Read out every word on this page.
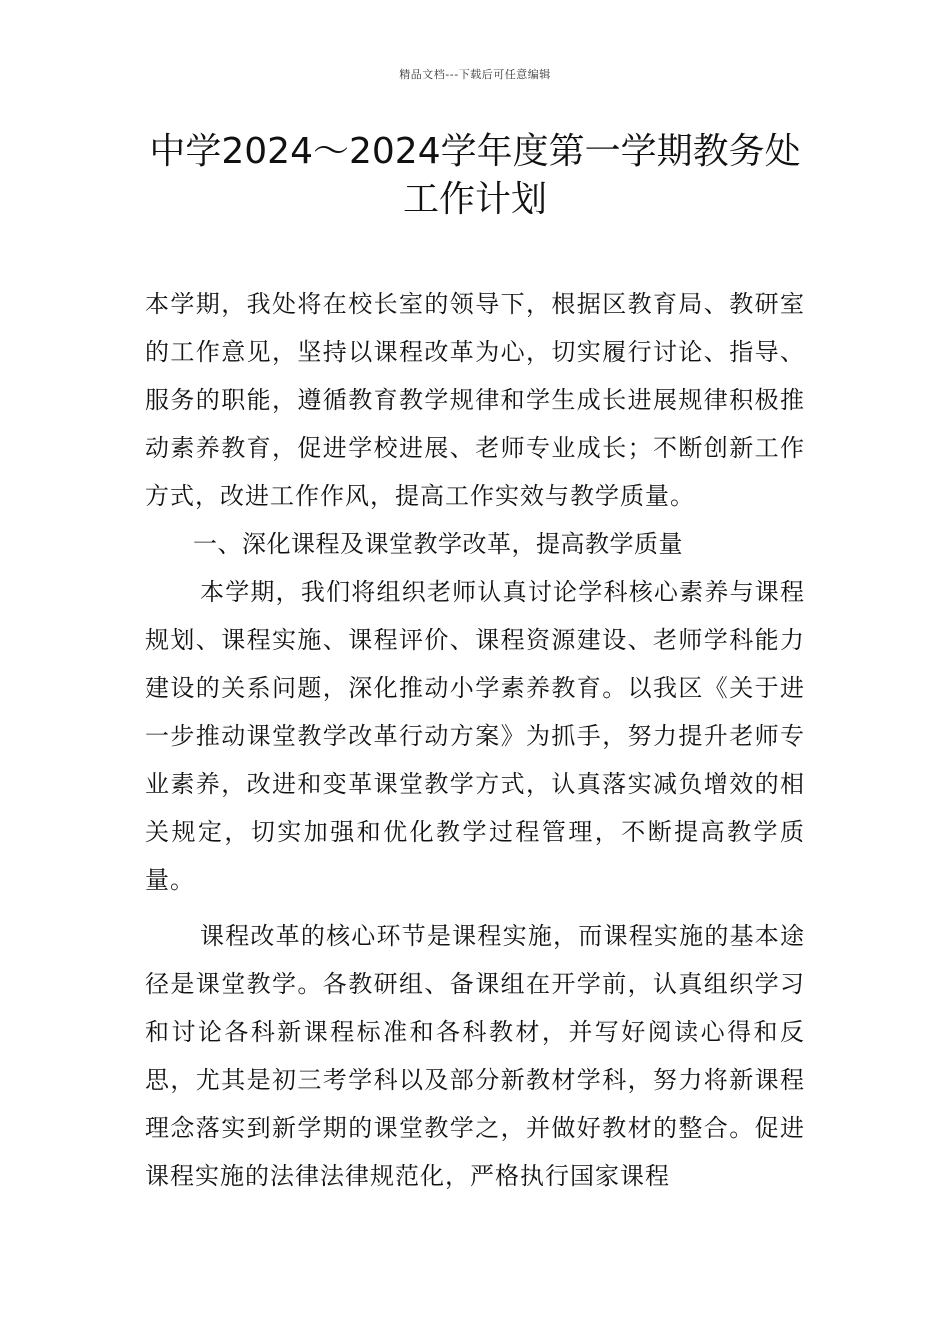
精品文档---下载后可任意编辑
中学2024～2024学年度第一学期教务处工作计划

本学期，我处将在校长室的领导下，根据区教育局、教研室的工作意见，坚持以课程改革为心，切实履行讨论、指导、服务的职能，遵循教育教学规律和学生成长进展规律积极推动素养教育，促进学校进展、老师专业成长；不断创新工作方式，改进工作作风，提高工作实效与教学质量。

一、深化课程及课堂教学改革，提高教学质量

本学期，我们将组织老师认真讨论学科核心素养与课程规划、课程实施、课程评价、课程资源建设、老师学科能力建设的关系问题，深化推动小学素养教育。以我区《关于进一步推动课堂教学改革行动方案》为抓手，努力提升老师专业素养，改进和变革课堂教学方式，认真落实减负增效的相关规定，切实加强和优化教学过程管理，不断提高教学质量。

课程改革的核心环节是课程实施，而课程实施的基本途径是课堂教学。各教研组、备课组在开学前，认真组织学习和讨论各科新课程标准和各科教材，并写好阅读心得和反思，尤其是初三考学科以及部分新教材学科，努力将新课程理念落实到新学期的课堂教学之，并做好教材的整合。促进课程实施的法律法律规范化，严格执行国家课程
